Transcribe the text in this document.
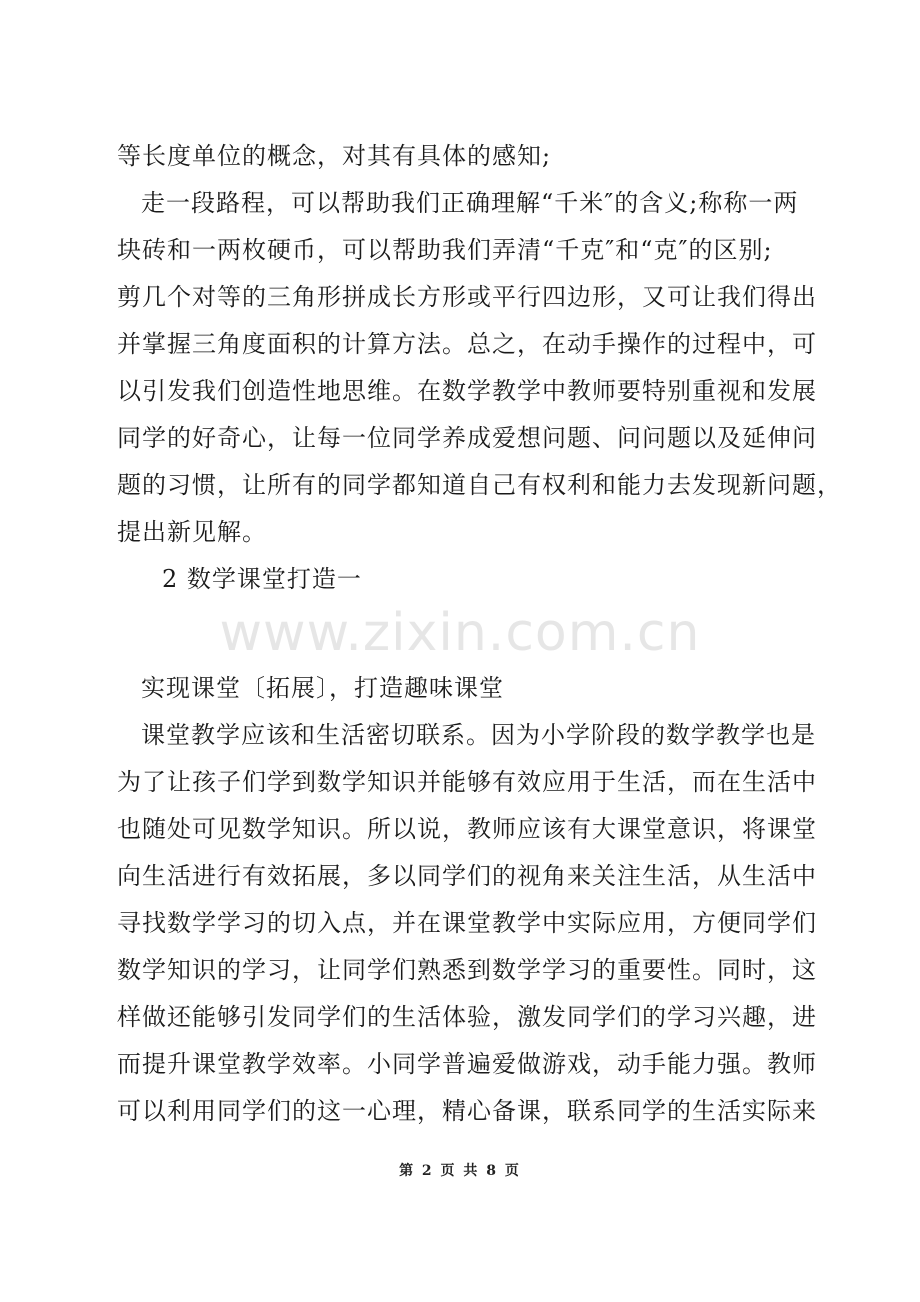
www.zixin.com.cn
等长度单位的概念，对其有具体的感知;
走一段路程，可以帮助我们正确理解“千米″的含义;称称一两
块砖和一两枚硬币，可以帮助我们弄清“千克″和“克″的区别;
剪几个对等的三角形拼成长方形或平行四边形，又可让我们得出
并掌握三角度面积的计算方法。总之，在动手操作的过程中，可
以引发我们创造性地思维。在数学教学中教师要特别重视和发展
同学的好奇心，让每一位同学养成爱想问题、问问题以及延伸问
题的习惯，让所有的同学都知道自己有权利和能力去发现新问题，
提出新见解。
2 数学课堂打造一
实现课堂〔拓展〕，打造趣味课堂
课堂教学应该和生活密切联系。因为小学阶段的数学教学也是
为了让孩子们学到数学知识并能够有效应用于生活，而在生活中
也随处可见数学知识。所以说，教师应该有大课堂意识，将课堂
向生活进行有效拓展，多以同学们的视角来关注生活，从生活中
寻找数学学习的切入点，并在课堂教学中实际应用，方便同学们
数学知识的学习，让同学们熟悉到数学学习的重要性。同时，这
样做还能够引发同学们的生活体验，激发同学们的学习兴趣，进
而提升课堂教学效率。小同学普遍爱做游戏，动手能力强。教师
可以利用同学们的这一心理，精心备课，联系同学的生活实际来
第 2 页 共 8 页
